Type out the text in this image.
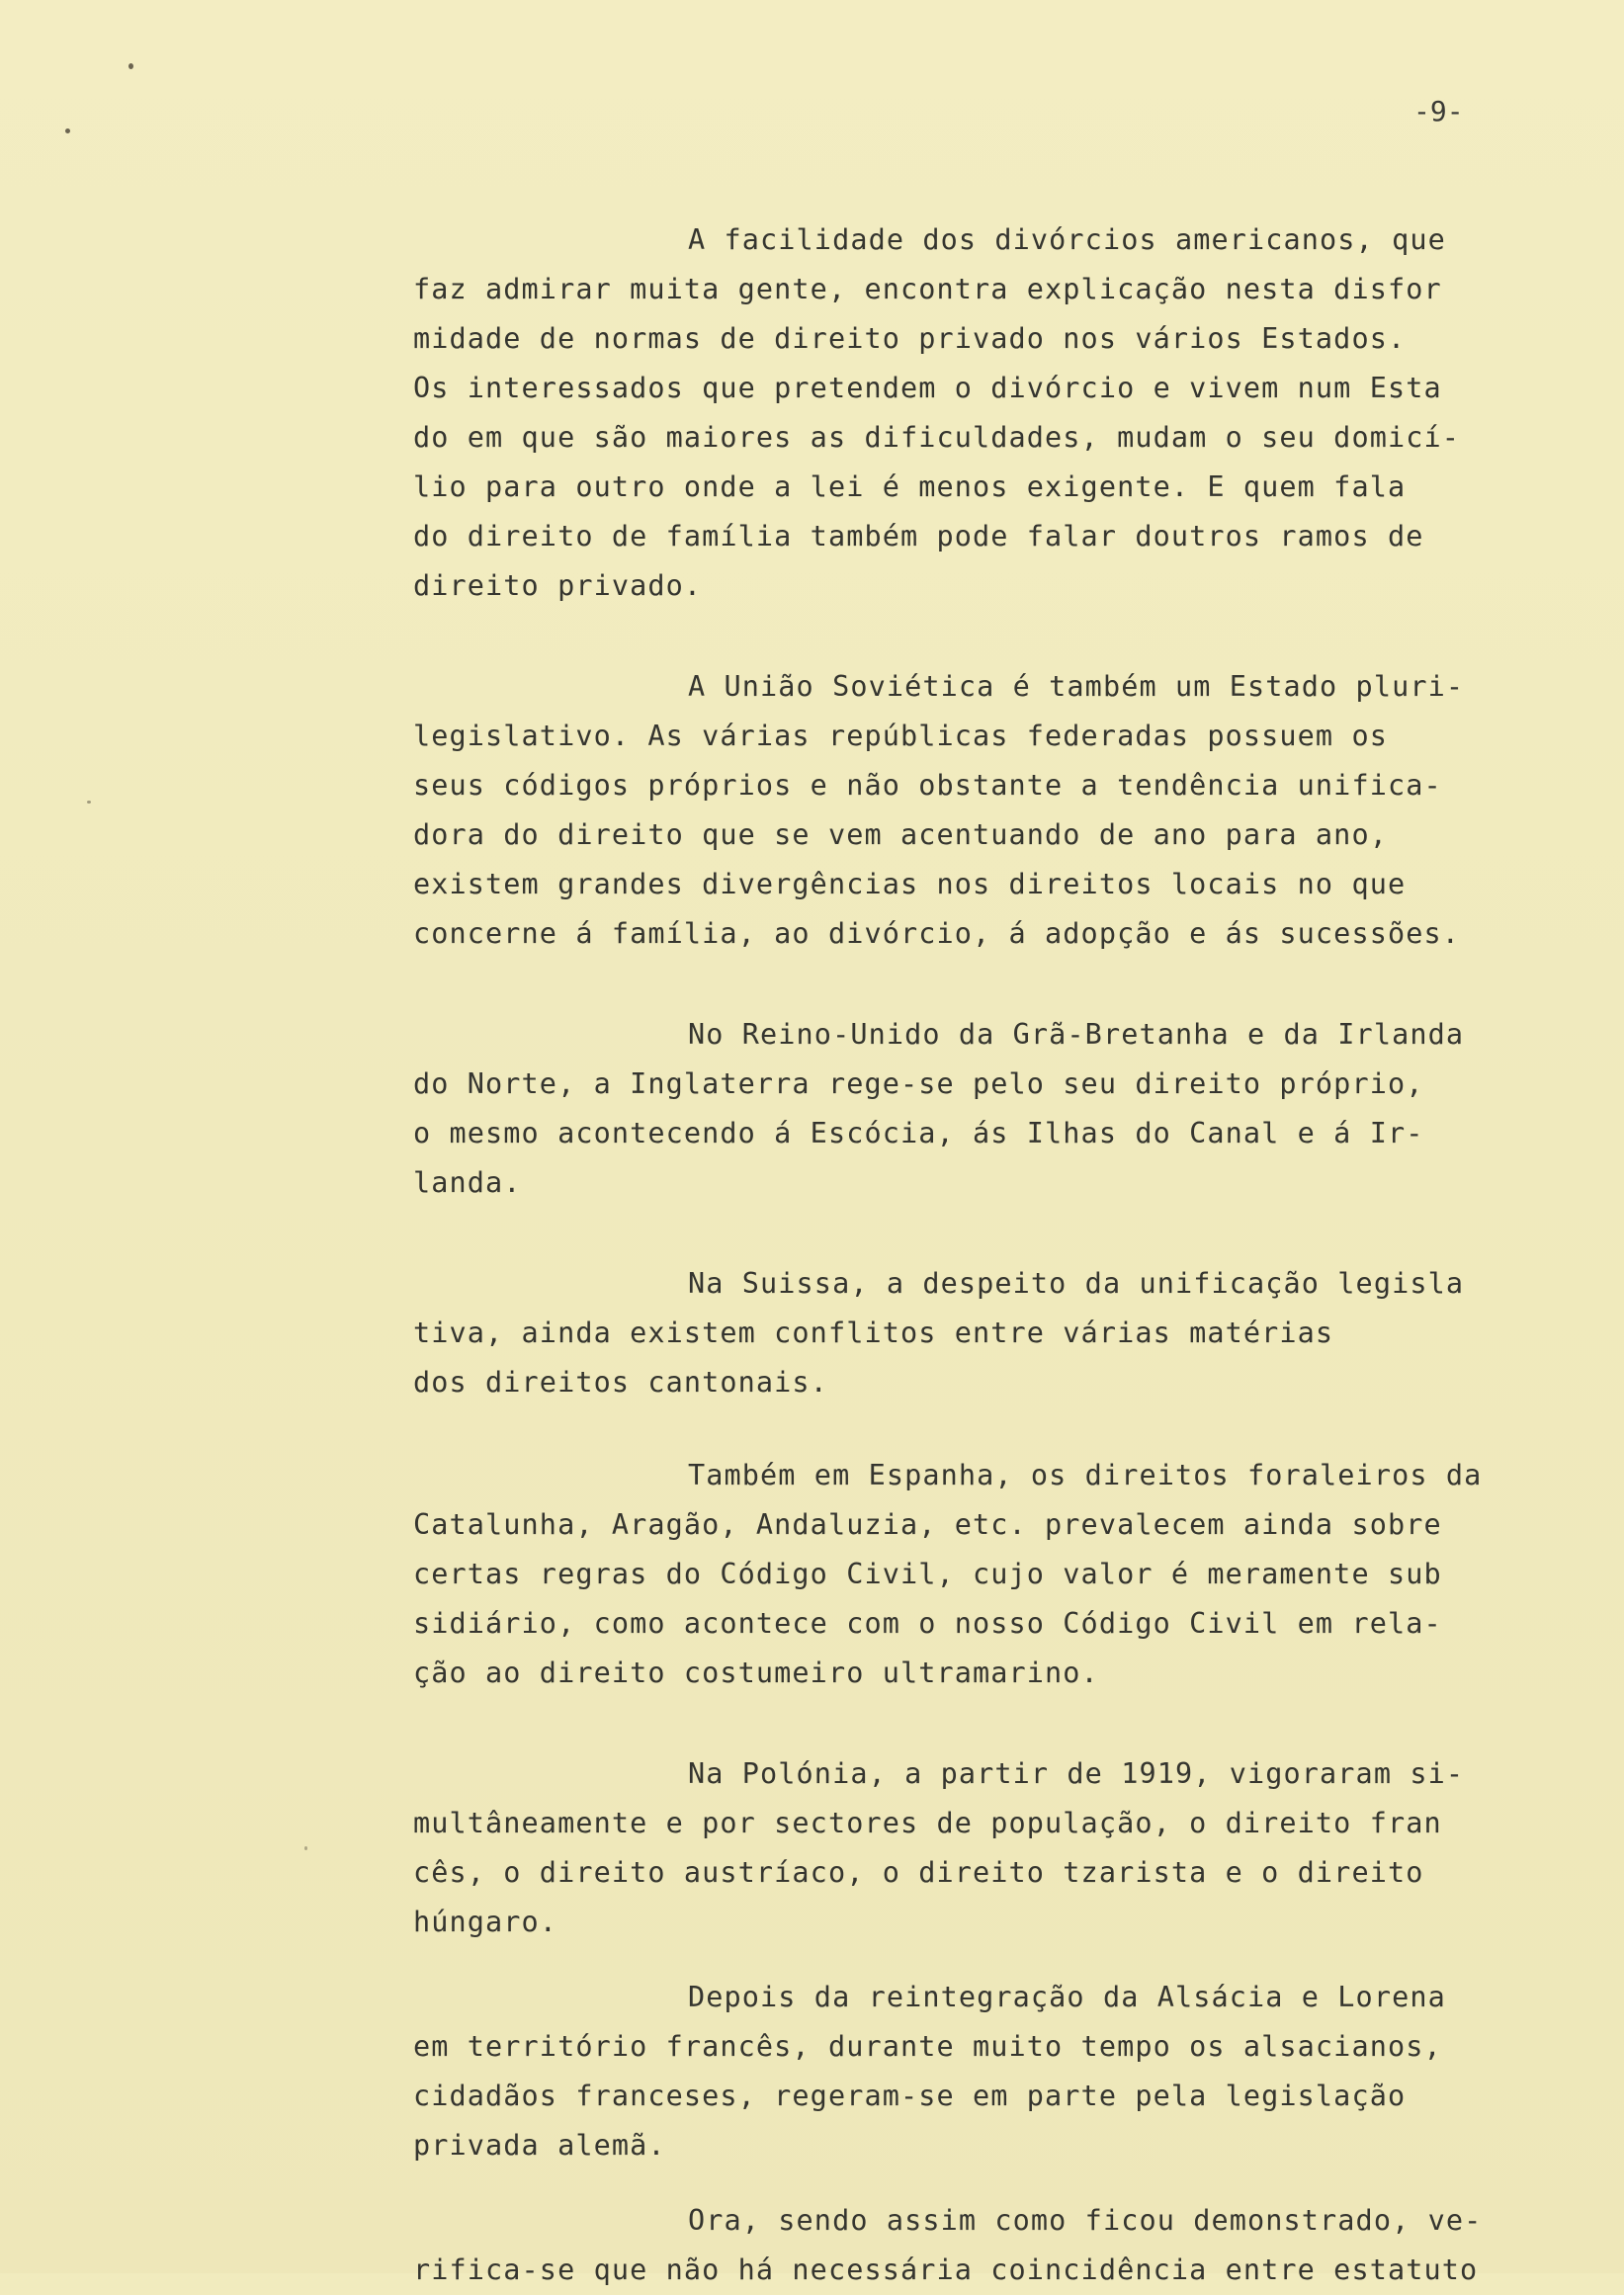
-9-

A facilidade dos divórcios americanos, que

faz admirar muita gente, encontra explicação nesta disfor

midade de normas de direito privado nos vários Estados.

Os interessados que pretendem o divórcio e vivem num Esta

do em que são maiores as dificuldades, mudam o seu domicí-

lio para outro onde a lei é menos exigente. E quem fala

do direito de família também pode falar doutros ramos de

direito privado.

A União Soviética é também um Estado pluri-

legislativo. As várias repúblicas federadas possuem os

seus códigos próprios e não obstante a tendência unifica-

dora do direito que se vem acentuando de ano para ano,

existem grandes divergências nos direitos locais no que

concerne á família, ao divórcio, á adopção e ás sucessões.

No Reino-Unido da Grã-Bretanha e da Irlanda

do Norte, a Inglaterra rege-se pelo seu direito próprio,

o mesmo acontecendo á Escócia, ás Ilhas do Canal e á Ir-

landa.

Na Suissa, a despeito da unificação legisla

tiva, ainda existem conflitos entre várias matérias

dos direitos cantonais.

Também em Espanha, os direitos foraleiros da

Catalunha, Aragão, Andaluzia, etc. prevalecem ainda sobre

certas regras do Código Civil, cujo valor é meramente sub

sidiário, como acontece com o nosso Código Civil em rela-

ção ao direito costumeiro ultramarino.

Na Polónia, a partir de 1919, vigoraram si-

multâneamente e por sectores de população, o direito fran

cês, o direito austríaco, o direito tzarista e o direito

húngaro.

Depois da reintegração da Alsácia e Lorena

em território francês, durante muito tempo os alsacianos,

cidadãos franceses, regeram-se em parte pela legislação

privada alemã.

Ora, sendo assim como ficou demonstrado, ve-

rifica-se que não há necessária coincidência entre estatuto
